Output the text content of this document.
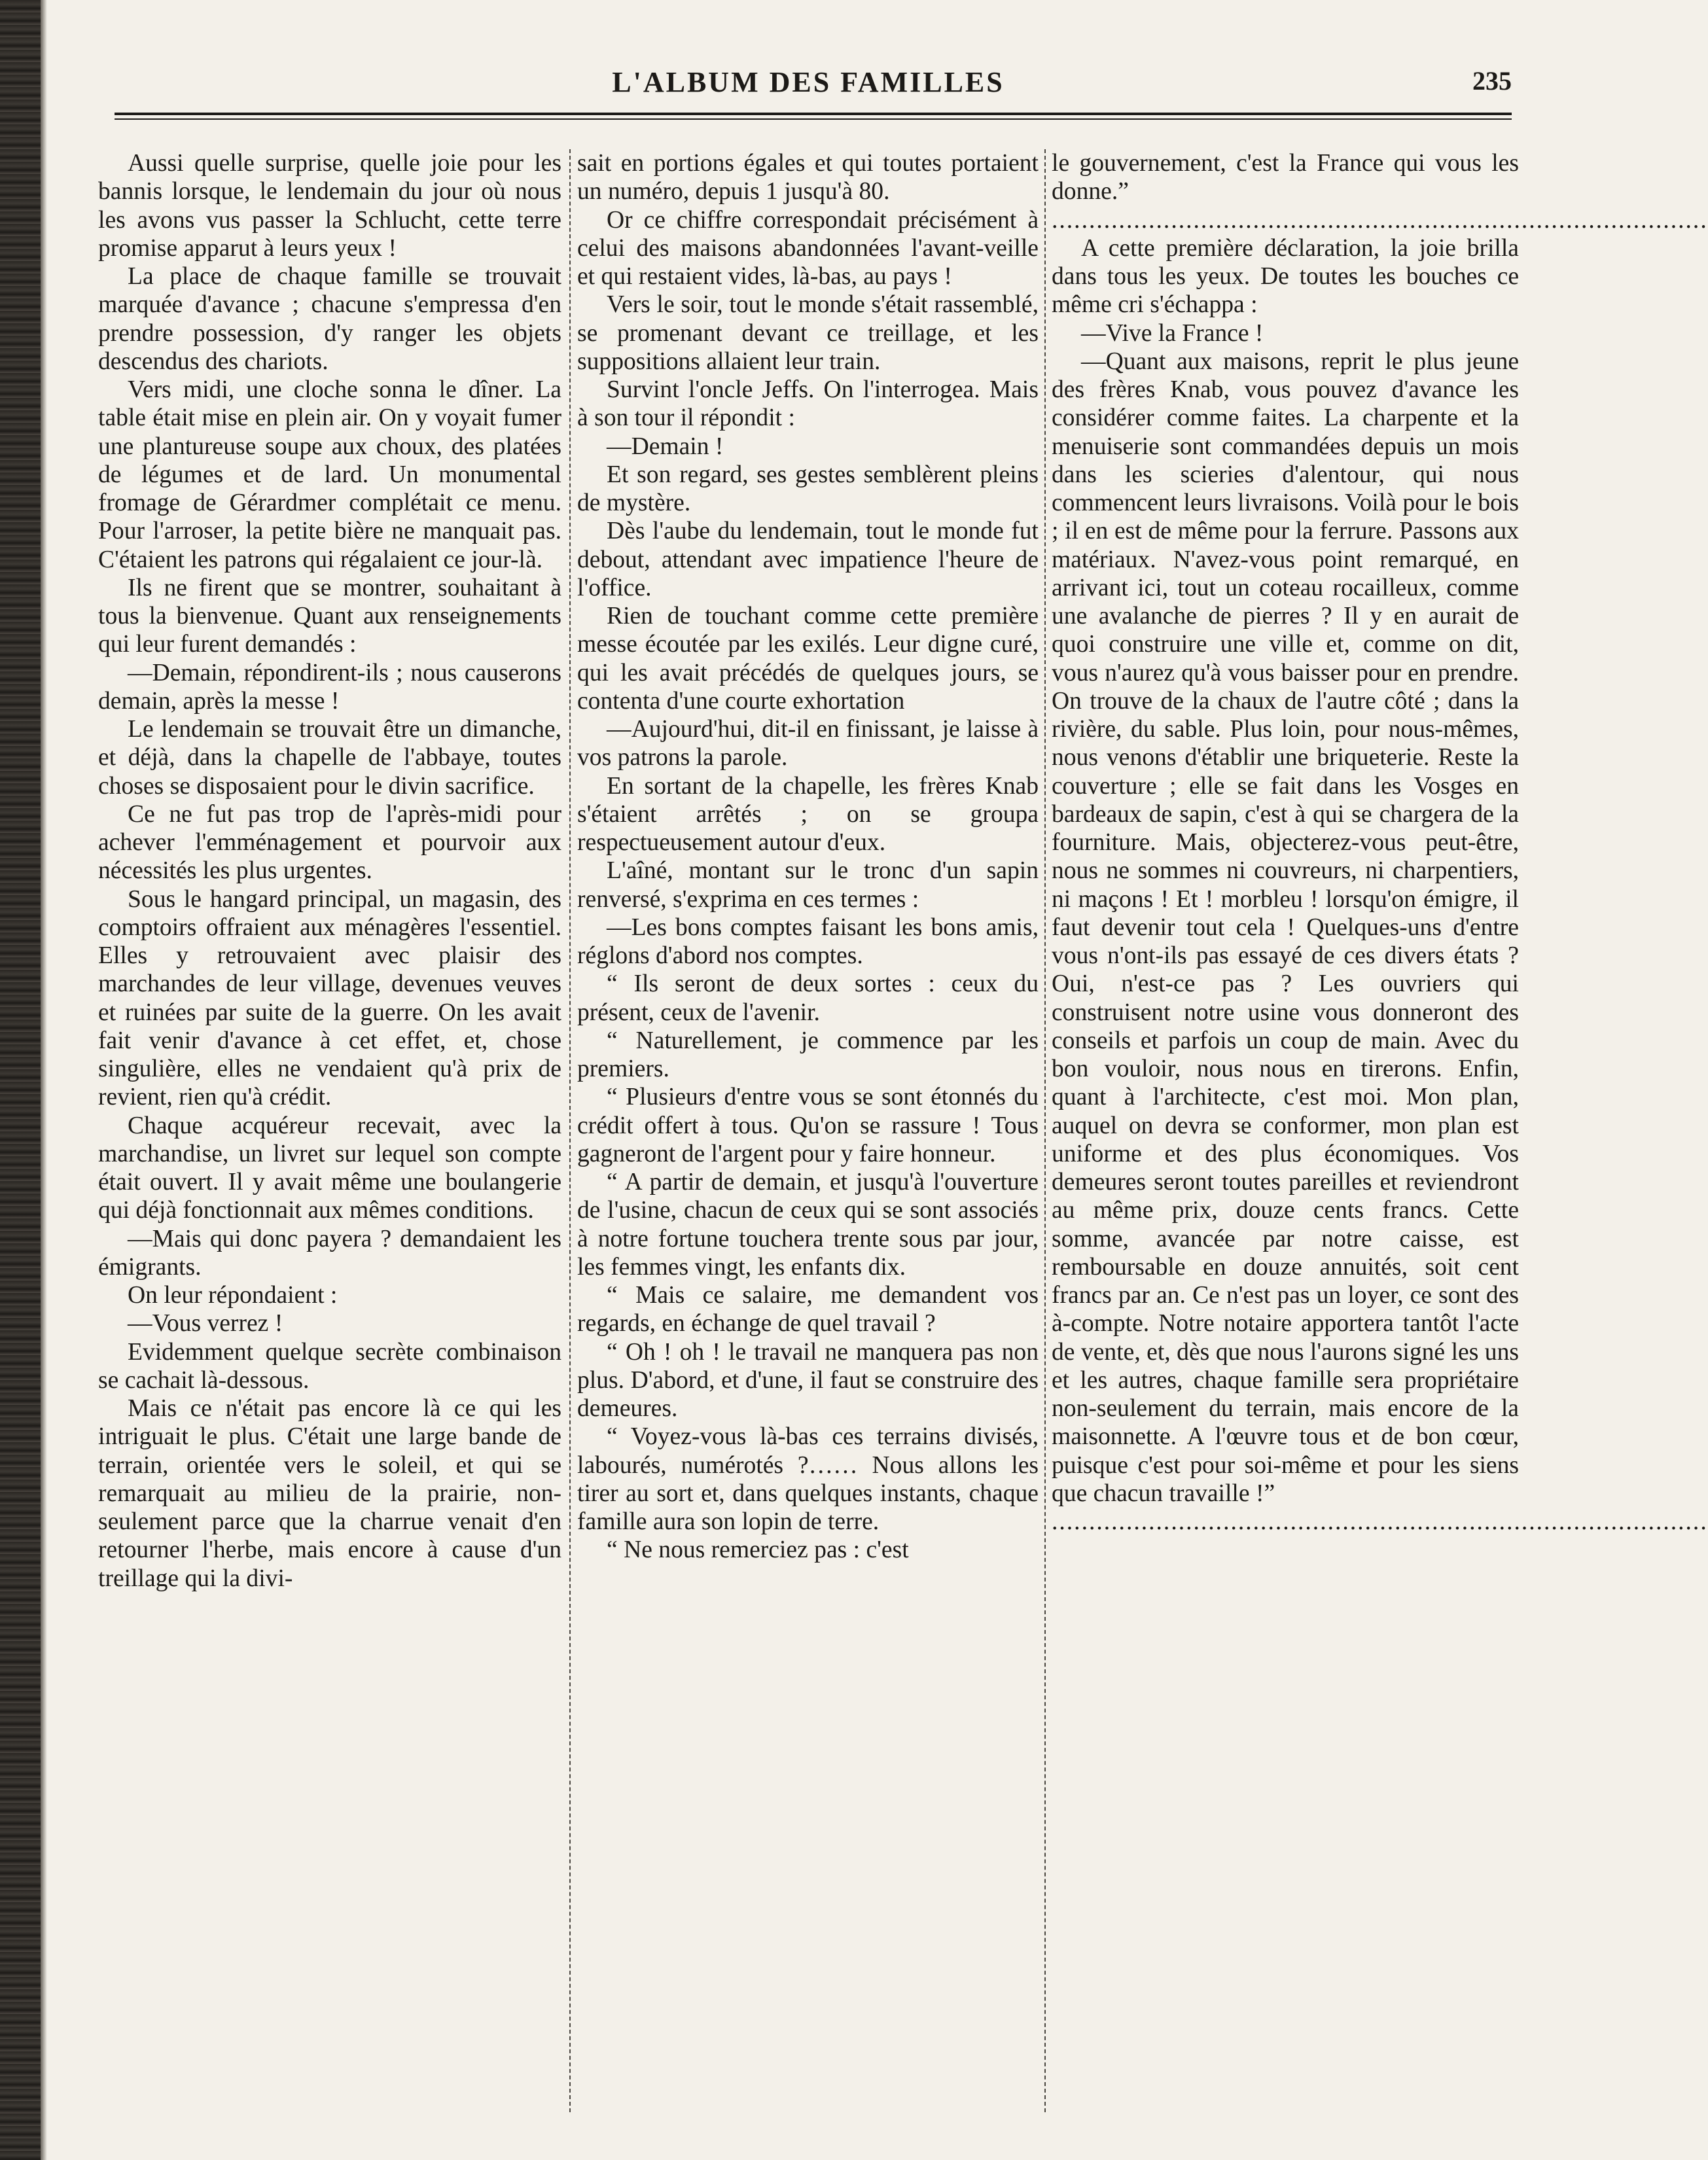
L'ALBUM DES FAMILLES	235

Aussi quelle surprise, quelle joie pour les bannis lorsque, le lendemain du jour où nous les avons vus passer la Schlucht, cette terre promise apparut à leurs yeux !

La place de chaque famille se trouvait marquée d'avance ; chacune s'empressa d'en prendre possession, d'y ranger les objets descendus des chariots.

Vers midi, une cloche sonna le dîner. La table était mise en plein air. On y voyait fumer une plantureuse soupe aux choux, des platées de légumes et de lard. Un monumental fromage de Gérardmer complétait ce menu. Pour l'arroser, la petite bière ne manquait pas. C'étaient les patrons qui régalaient ce jour-là.

Ils ne firent que se montrer, souhaitant à tous la bienvenue. Quant aux renseignements qui leur furent demandés :

—Demain, répondirent-ils ; nous causerons demain, après la messe !

Le lendemain se trouvait être un dimanche, et déjà, dans la chapelle de l'abbaye, toutes choses se disposaient pour le divin sacrifice.

Ce ne fut pas trop de l'après-midi pour achever l'emménagement et pourvoir aux nécessités les plus urgentes.

Sous le hangard principal, un magasin, des comptoirs offraient aux ménagères l'essentiel. Elles y retrouvaient avec plaisir des marchandes de leur village, devenues veuves et ruinées par suite de la guerre. On les avait fait venir d'avance à cet effet, et, chose singulière, elles ne vendaient qu'à prix de revient, rien qu'à crédit.

Chaque acquéreur recevait, avec la marchandise, un livret sur lequel son compte était ouvert. Il y avait même une boulangerie qui déjà fonctionnait aux mêmes conditions.

—Mais qui donc payera ? demandaient les émigrants.

On leur répondaient :

—Vous verrez !

Evidemment quelque secrète combinaison se cachait là-dessous.

Mais ce n'était pas encore là ce qui les intriguait le plus. C'était une large bande de terrain, orientée vers le soleil, et qui se remarquait au milieu de la prairie, non-seulement parce que la charrue venait d'en retourner l'herbe, mais encore à cause d'un treillage qui la divi-

sait en portions égales et qui toutes portaient un numéro, depuis 1 jusqu'à 80.

Or ce chiffre correspondait précisément à celui des maisons abandonnées l'avant-veille et qui restaient vides, là-bas, au pays !

Vers le soir, tout le monde s'était rassemblé, se promenant devant ce treillage, et les suppositions allaient leur train.

Survint l'oncle Jeffs. On l'interrogea. Mais à son tour il répondit :

—Demain !

Et son regard, ses gestes semblèrent pleins de mystère.

Dès l'aube du lendemain, tout le monde fut debout, attendant avec impatience l'heure de l'office.

Rien de touchant comme cette première messe écoutée par les exilés. Leur digne curé, qui les avait précédés de quelques jours, se contenta d'une courte exhortation

—Aujourd'hui, dit-il en finissant, je laisse à vos patrons la parole.

En sortant de la chapelle, les frères Knab s'étaient arrêtés ; on se groupa respectueusement autour d'eux.

L'aîné, montant sur le tronc d'un sapin renversé, s'exprima en ces termes :

—Les bons comptes faisant les bons amis, réglons d'abord nos comptes.

“ Ils seront de deux sortes : ceux du présent, ceux de l'avenir.

“ Naturellement, je commence par les premiers.

“ Plusieurs d'entre vous se sont étonnés du crédit offert à tous. Qu'on se rassure ! Tous gagneront de l'argent pour y faire honneur.

“ A partir de demain, et jusqu'à l'ouverture de l'usine, chacun de ceux qui se sont associés à notre fortune touchera trente sous par jour, les femmes vingt, les enfants dix.

“ Mais ce salaire, me demandent vos regards, en échange de quel travail ?

“ Oh ! oh ! le travail ne manquera pas non plus. D'abord, et d'une, il faut se construire des demeures.

“ Voyez-vous là-bas ces terrains divisés, labourés, numérotés ?…… Nous allons les tirer au sort et, dans quelques instants, chaque famille aura son lopin de terre.

“ Ne nous remerciez pas : c'est

le gouvernement, c'est la France qui vous les donne.”

........................................................................................

A cette première déclaration, la joie brilla dans tous les yeux. De toutes les bouches ce même cri s'échappa :

—Vive la France !

—Quant aux maisons, reprit le plus jeune des frères Knab, vous pouvez d'avance les considérer comme faites. La charpente et la menuiserie sont commandées depuis un mois dans les scieries d'alentour, qui nous commencent leurs livraisons. Voilà pour le bois ; il en est de même pour la ferrure. Passons aux matériaux. N'avez-vous point remarqué, en arrivant ici, tout un coteau rocailleux, comme une avalanche de pierres ? Il y en aurait de quoi construire une ville et, comme on dit, vous n'aurez qu'à vous baisser pour en prendre. On trouve de la chaux de l'autre côté ; dans la rivière, du sable. Plus loin, pour nous-mêmes, nous venons d'établir une briqueterie. Reste la couverture ; elle se fait dans les Vosges en bardeaux de sapin, c'est à qui se chargera de la fourniture. Mais, objecterez-vous peut-être, nous ne sommes ni couvreurs, ni charpentiers, ni maçons ! Et ! morbleu ! lorsqu'on émigre, il faut devenir tout cela ! Quelques-uns d'entre vous n'ont-ils pas essayé de ces divers états ? Oui, n'est-ce pas ? Les ouvriers qui construisent notre usine vous donneront des conseils et parfois un coup de main. Avec du bon vouloir, nous nous en tirerons. Enfin, quant à l'architecte, c'est moi. Mon plan, auquel on devra se conformer, mon plan est uniforme et des plus économiques. Vos demeures seront toutes pareilles et reviendront au même prix, douze cents francs. Cette somme, avancée par notre caisse, est remboursable en douze annuités, soit cent francs par an. Ce n'est pas un loyer, ce sont des à-compte. Notre notaire apportera tantôt l'acte de vente, et, dès que nous l'aurons signé les uns et les autres, chaque famille sera propriétaire non-seulement du terrain, mais encore de la maisonnette. A l'œuvre tous et de bon cœur, puisque c'est pour soi-même et pour les siens que chacun travaille !”

........................................................................................
